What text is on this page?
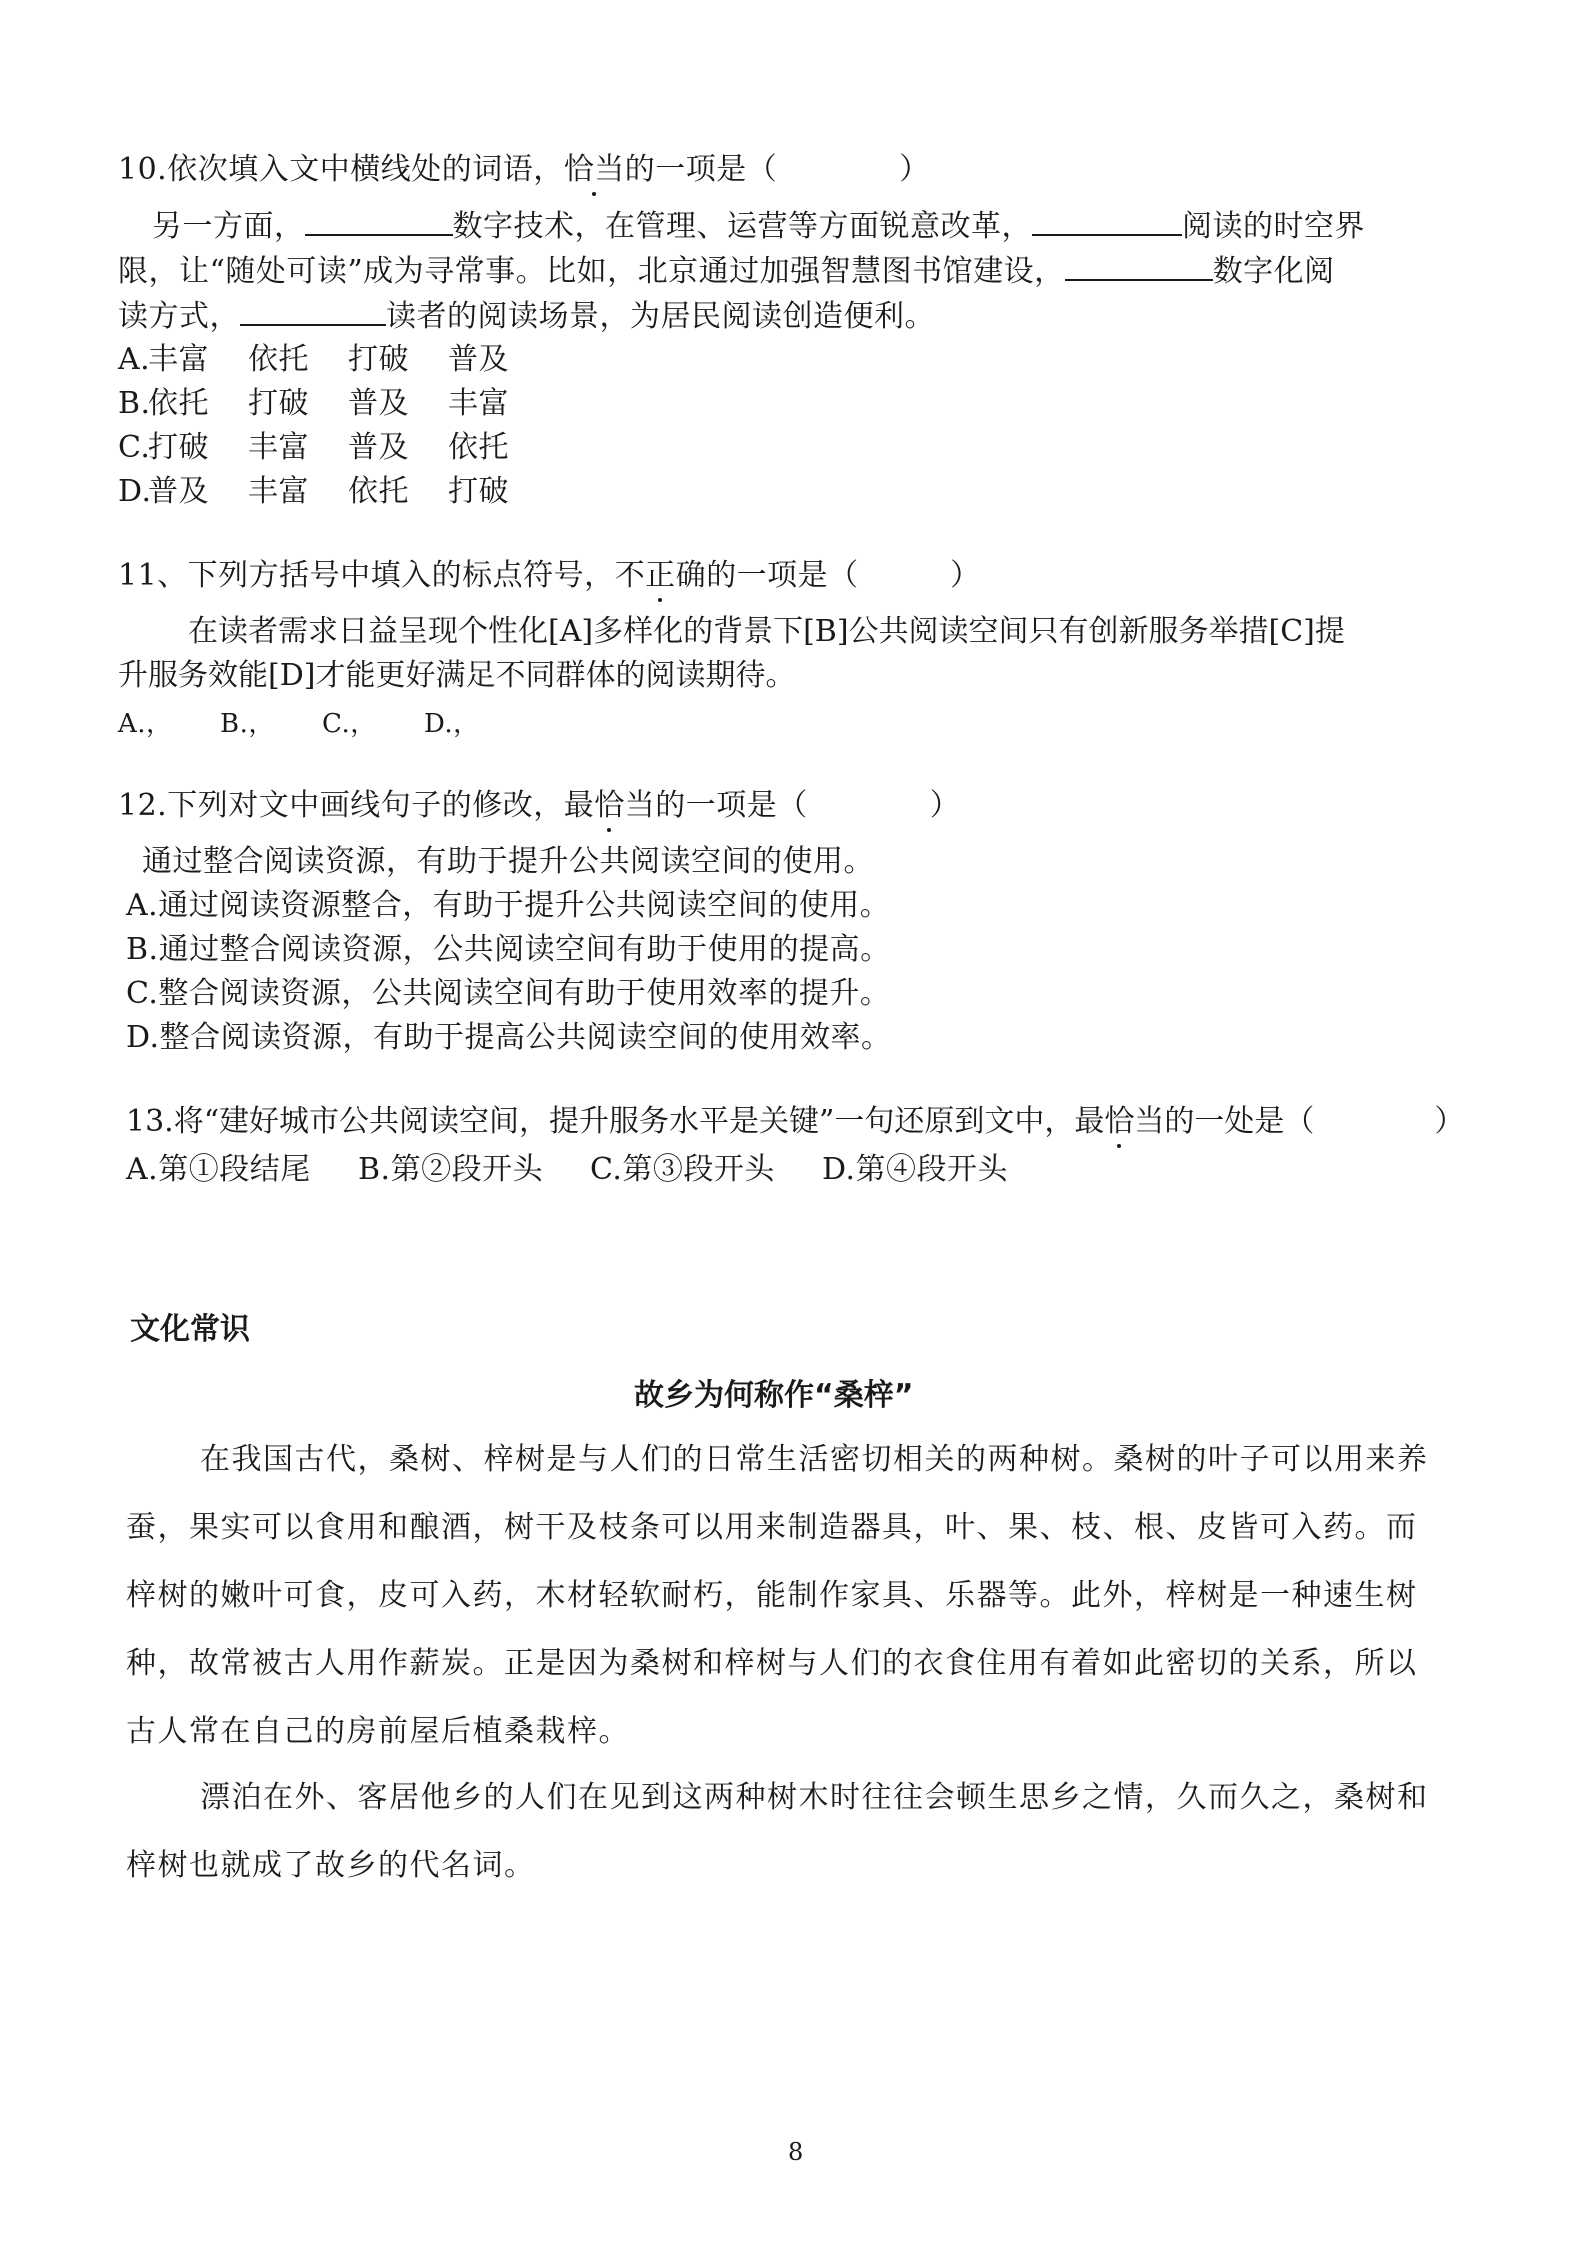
10.依次填入文中横线处的词语，恰当的一项是（　　　　）
另一方面，	数字技术，在管理、运营等方面锐意改革，	阅读的时空界
限，让“随处可读”成为寻常事。比如，北京通过加强智慧图书馆建设，	数字化阅
读方式，	读者的阅读场景，为居民阅读创造便利。
A.丰富 依托 打破 普及
B.依托 打破 普及 丰富
C.打破 丰富 普及 依托
D.普及 丰富 依托 打破
11、下列方括号中填入的标点符号，不正确的一项是（　　　）
在读者需求日益呈现个性化[A]多样化的背景下[B]公共阅读空间只有创新服务举措[C]提
升服务效能[D]才能更好满足不同群体的阅读期待。
A.， B.， C.， D.，
12.下列对文中画线句子的修改，最恰当的一项是（　　　　）
通过整合阅读资源，有助于提升公共阅读空间的使用。
A.通过阅读资源整合，有助于提升公共阅读空间的使用。
B.通过整合阅读资源，公共阅读空间有助于使用的提高。
C.整合阅读资源，公共阅读空间有助于使用效率的提升。
D.整合阅读资源，有助于提高公共阅读空间的使用效率。
13.将“建好城市公共阅读空间，提升服务水平是关键”一句还原到文中，最恰当的一处是（　　　　）
A.第①段结尾 B.第②段开头 C.第③段开头 D.第④段开头
文化常识
故乡为何称作“桑梓”
在我国古代，桑树、梓树是与人们的日常生活密切相关的两种树。桑树的叶子可以用来养
蚕，果实可以食用和酿酒，树干及枝条可以用来制造器具，叶、果、枝、根、皮皆可入药。而
梓树的嫩叶可食，皮可入药，木材轻软耐朽，能制作家具、乐器等。此外，梓树是一种速生树
种，故常被古人用作薪炭。正是因为桑树和梓树与人们的衣食住用有着如此密切的关系，所以
古人常在自己的房前屋后植桑栽梓。
漂泊在外、客居他乡的人们在见到这两种树木时往往会顿生思乡之情，久而久之，桑树和
梓树也就成了故乡的代名词。
8
